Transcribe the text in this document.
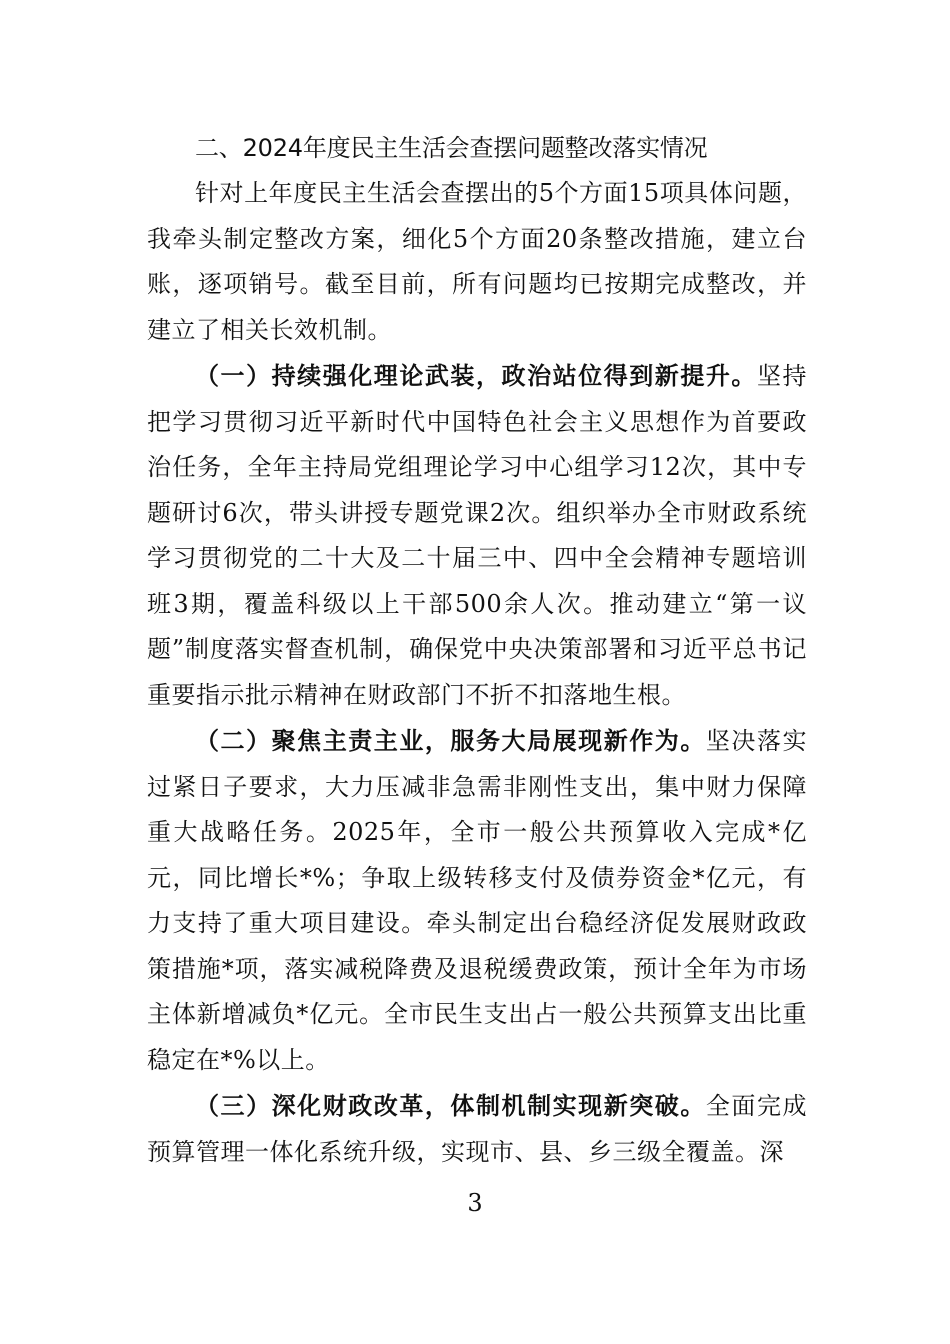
二、2024年度民主生活会查摆问题整改落实情况

针对上年度民主生活会查摆出的5个方面15项具体问题，我牵头制定整改方案，细化5个方面20条整改措施，建立台账，逐项销号。截至目前，所有问题均已按期完成整改，并建立了相关长效机制。

（一）持续强化理论武装，政治站位得到新提升。坚持把学习贯彻习近平新时代中国特色社会主义思想作为首要政治任务，全年主持局党组理论学习中心组学习12次，其中专题研讨6次，带头讲授专题党课2次。组织举办全市财政系统学习贯彻党的二十大及二十届三中、四中全会精神专题培训班3期，覆盖科级以上干部500余人次。推动建立“第一议题”制度落实督查机制，确保党中央决策部署和习近平总书记重要指示批示精神在财政部门不折不扣落地生根。

（二）聚焦主责主业，服务大局展现新作为。坚决落实过紧日子要求，大力压减非急需非刚性支出，集中财力保障重大战略任务。2025年，全市一般公共预算收入完成*亿元，同比增长*%；争取上级转移支付及债券资金*亿元，有力支持了重大项目建设。牵头制定出台稳经济促发展财政政策措施*项，落实减税降费及退税缓费政策，预计全年为市场主体新增减负*亿元。全市民生支出占一般公共预算支出比重稳定在*%以上。

（三）深化财政改革，体制机制实现新突破。全面完成预算管理一体化系统升级，实现市、县、乡三级全覆盖。深

3
